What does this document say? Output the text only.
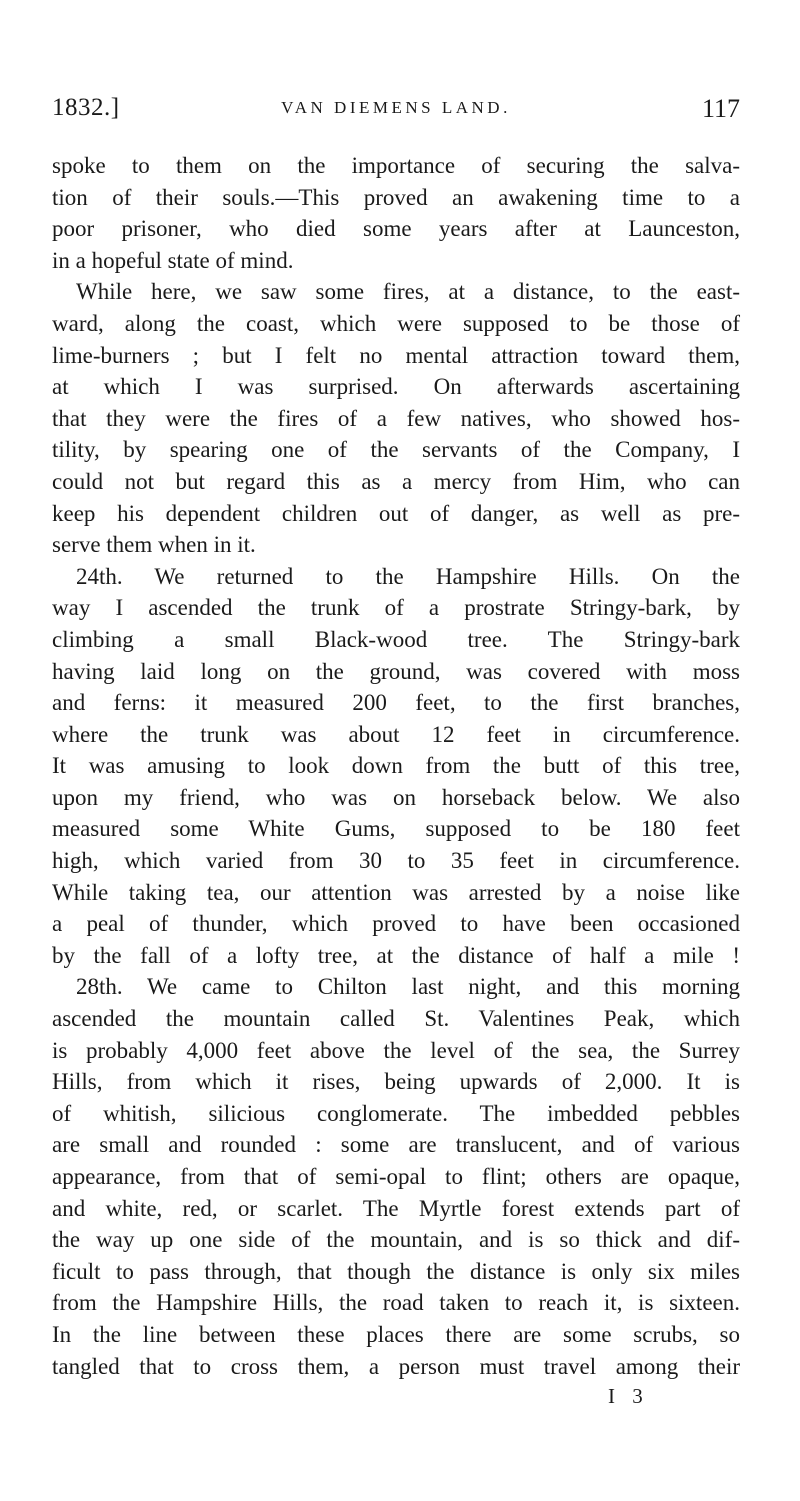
1832.]	VAN DIEMENS LAND.	117
spoke to them on the importance of securing the salva-
tion of their souls.—This proved an awakening time to a
poor prisoner, who died some years after at Launceston,
in a hopeful state of mind.
While here, we saw some fires, at a distance, to the east-
ward, along the coast, which were supposed to be those of
lime-burners ; but I felt no mental attraction toward them,
at which I was surprised. On afterwards ascertaining
that they were the fires of a few natives, who showed hos-
tility, by spearing one of the servants of the Company, I
could not but regard this as a mercy from Him, who can
keep his dependent children out of danger, as well as pre-
serve them when in it.
24th. We returned to the Hampshire Hills. On the
way I ascended the trunk of a prostrate Stringy-bark, by
climbing a small Black-wood tree. The Stringy-bark
having laid long on the ground, was covered with moss
and ferns: it measured 200 feet, to the first branches,
where the trunk was about 12 feet in circumference.
It was amusing to look down from the butt of this tree,
upon my friend, who was on horseback below. We also
measured some White Gums, supposed to be 180 feet
high, which varied from 30 to 35 feet in circumference.
While taking tea, our attention was arrested by a noise like
a peal of thunder, which proved to have been occasioned
by the fall of a lofty tree, at the distance of half a mile !
28th. We came to Chilton last night, and this morning
ascended the mountain called St. Valentines Peak, which
is probably 4,000 feet above the level of the sea, the Surrey
Hills, from which it rises, being upwards of 2,000. It is
of whitish, silicious conglomerate. The imbedded pebbles
are small and rounded : some are translucent, and of various
appearance, from that of semi-opal to flint; others are opaque,
and white, red, or scarlet. The Myrtle forest extends part of
the way up one side of the mountain, and is so thick and dif-
ficult to pass through, that though the distance is only six miles
from the Hampshire Hills, the road taken to reach it, is sixteen.
In the line between these places there are some scrubs, so
tangled that to cross them, a person must travel among their
I 3
